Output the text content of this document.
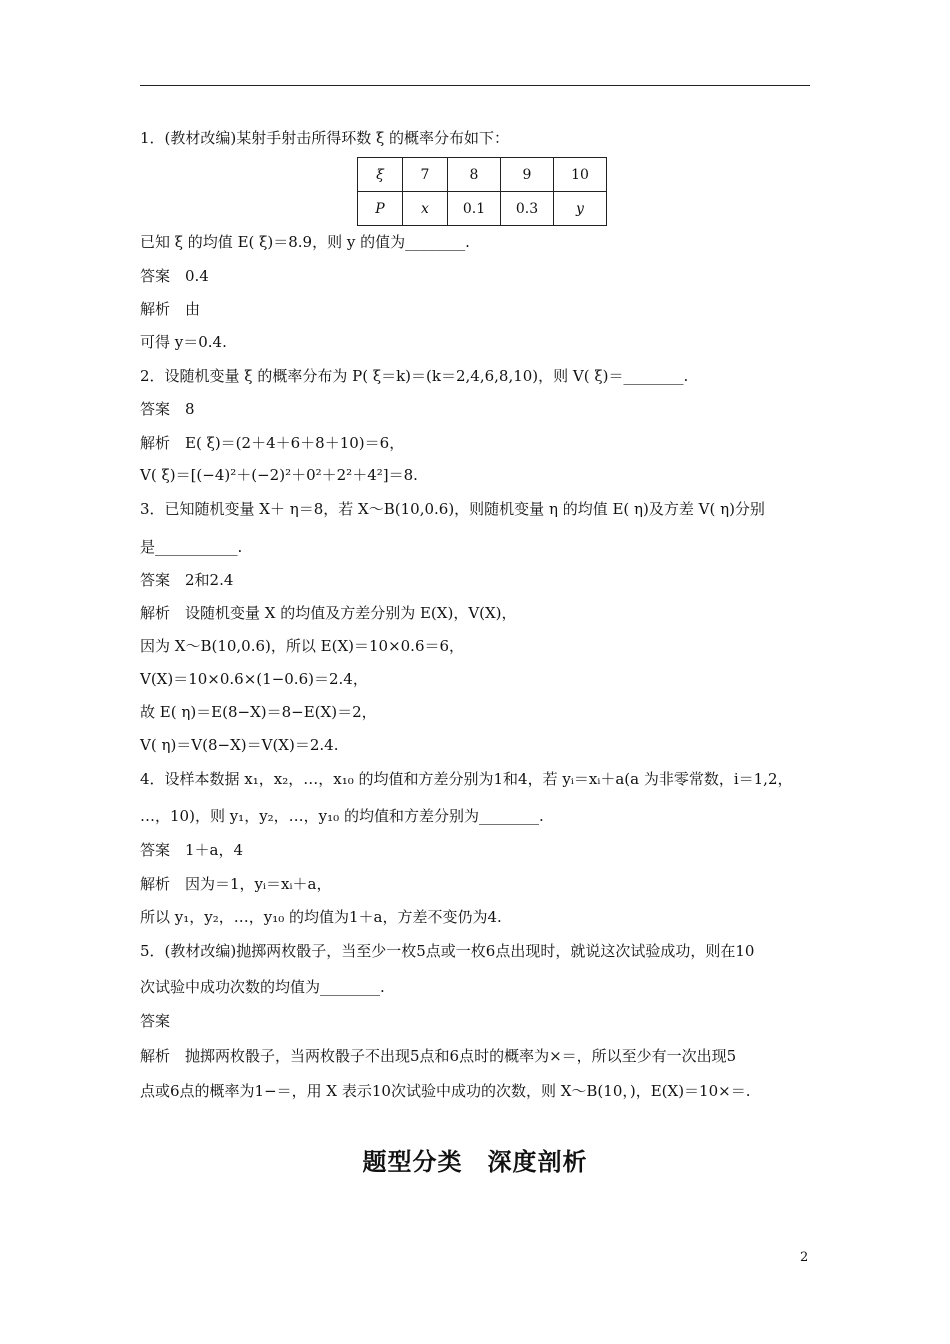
1．(教材改编)某射手射击所得环数 ξ 的概率分布如下：
ξ	7	8	9	10
P	x	0.1	0.3	y
已知 ξ 的均值 E( ξ)＝8.9，则 y 的值为________.
答案　0.4
解析　由
可得 y＝0.4.
2．设随机变量 ξ 的概率分布为 P( ξ＝k)＝(k＝2,4,6,8,10)，则 V( ξ)＝________.
答案　8
解析　E( ξ)＝(2＋4＋6＋8＋10)＝6，
V( ξ)＝[(−4)²＋(−2)²＋0²＋2²＋4²]＝8.
3．已知随机变量 X＋ η＝8，若 X～B(10,0.6)，则随机变量 η 的均值 E( η)及方差 V( η)分别
是___________.
答案　2和2.4
解析　设随机变量 X 的均值及方差分别为 E(X)，V(X)，
因为 X～B(10,0.6)，所以 E(X)＝10×0.6＝6，
V(X)＝10×0.6×(1−0.6)＝2.4，
故 E( η)＝E(8−X)＝8−E(X)＝2，
V( η)＝V(8−X)＝V(X)＝2.4.
4．设样本数据 x₁，x₂，…，x₁₀ 的均值和方差分别为1和4，若 yᵢ＝xᵢ＋a(a 为非零常数，i＝1,2，
…，10)，则 y₁，y₂，…，y₁₀ 的均值和方差分别为________.
答案　1＋a，4
解析　因为＝1，yᵢ＝xᵢ＋a，
所以 y₁，y₂，…，y₁₀ 的均值为1＋a，方差不变仍为4.
5．(教材改编)抛掷两枚骰子，当至少一枚5点或一枚6点出现时，就说这次试验成功，则在10
次试验中成功次数的均值为________.
答案
解析　抛掷两枚骰子，当两枚骰子不出现5点和6点时的概率为×＝，所以至少有一次出现5
点或6点的概率为1−＝，用 X 表示10次试验中成功的次数，则 X～B(10，)，E(X)＝10×＝.
题型分类　深度剖析
2
